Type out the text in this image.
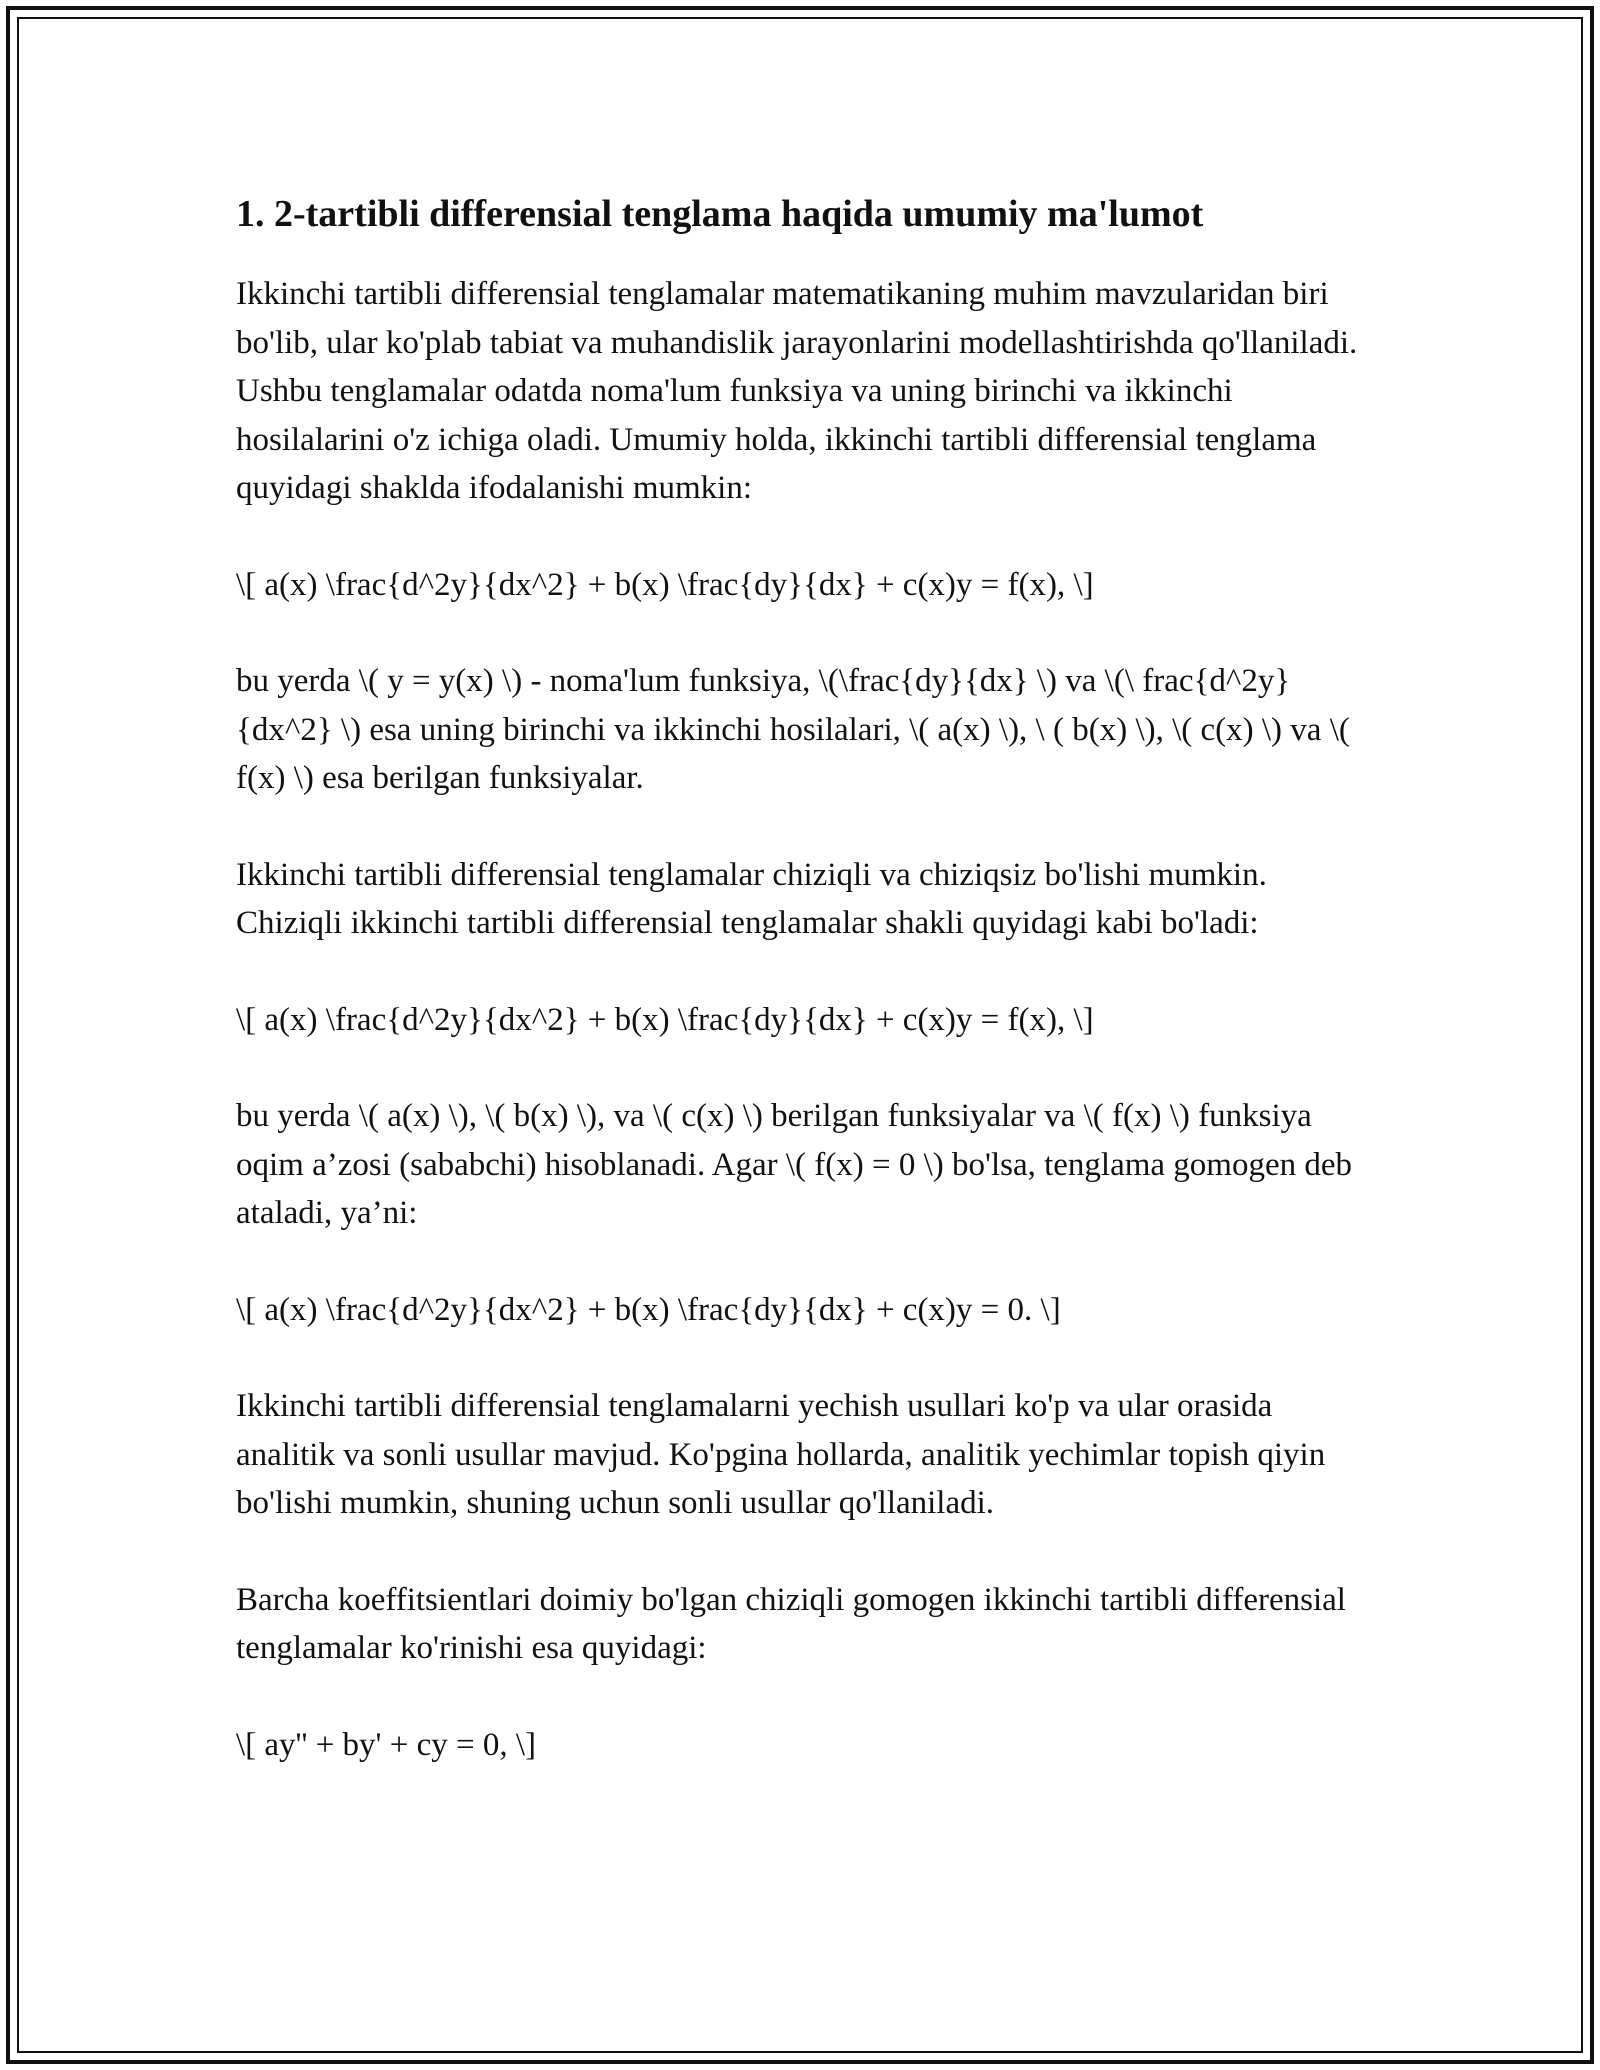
1. 2-tartibli differensial tenglama haqida umumiy ma'lumot

Ikkinchi tartibli differensial tenglamalar matematikaning muhim mavzularidan biri bo'lib, ular ko'plab tabiat va muhandislik jarayonlarini modellashtirishda qo'llaniladi. Ushbu tenglamalar odatda noma'lum funksiya va uning birinchi va ikkinchi hosilalarini o'z ichiga oladi. Umumiy holda, ikkinchi tartibli differensial tenglama quyidagi shaklda ifodalanishi mumkin:

\[ a(x) \frac{d^2y}{dx^2} + b(x) \frac{dy}{dx} + c(x)y = f(x), \]

bu yerda \( y = y(x) \) - noma'lum funksiya, \(\frac{dy}{dx} \) va \(\ frac{d^2y}{dx^2} \) esa uning birinchi va ikkinchi hosilalari, \( a(x) \), \ ( b(x) \), \( c(x) \) va \( f(x) \) esa berilgan funksiyalar.

Ikkinchi tartibli differensial tenglamalar chiziqli va chiziqsiz bo'lishi mumkin. Chiziqli ikkinchi tartibli differensial tenglamalar shakli quyidagi kabi bo'ladi:

\[ a(x) \frac{d^2y}{dx^2} + b(x) \frac{dy}{dx} + c(x)y = f(x), \]

bu yerda \( a(x) \), \( b(x) \), va \( c(x) \) berilgan funksiyalar va \( f(x) \) funksiya oqim a’zosi (sababchi) hisoblanadi. Agar \( f(x) = 0 \) bo'lsa, tenglama gomogen deb ataladi, ya’ni:

\[ a(x) \frac{d^2y}{dx^2} + b(x) \frac{dy}{dx} + c(x)y = 0. \]

Ikkinchi tartibli differensial tenglamalarni yechish usullari ko'p va ular orasida analitik va sonli usullar mavjud. Ko'pgina hollarda, analitik yechimlar topish qiyin bo'lishi mumkin, shuning uchun sonli usullar qo'llaniladi.

Barcha koeffitsientlari doimiy bo'lgan chiziqli gomogen ikkinchi tartibli differensial tenglamalar ko'rinishi esa quyidagi:

\[ ay'' + by' + cy = 0, \]
